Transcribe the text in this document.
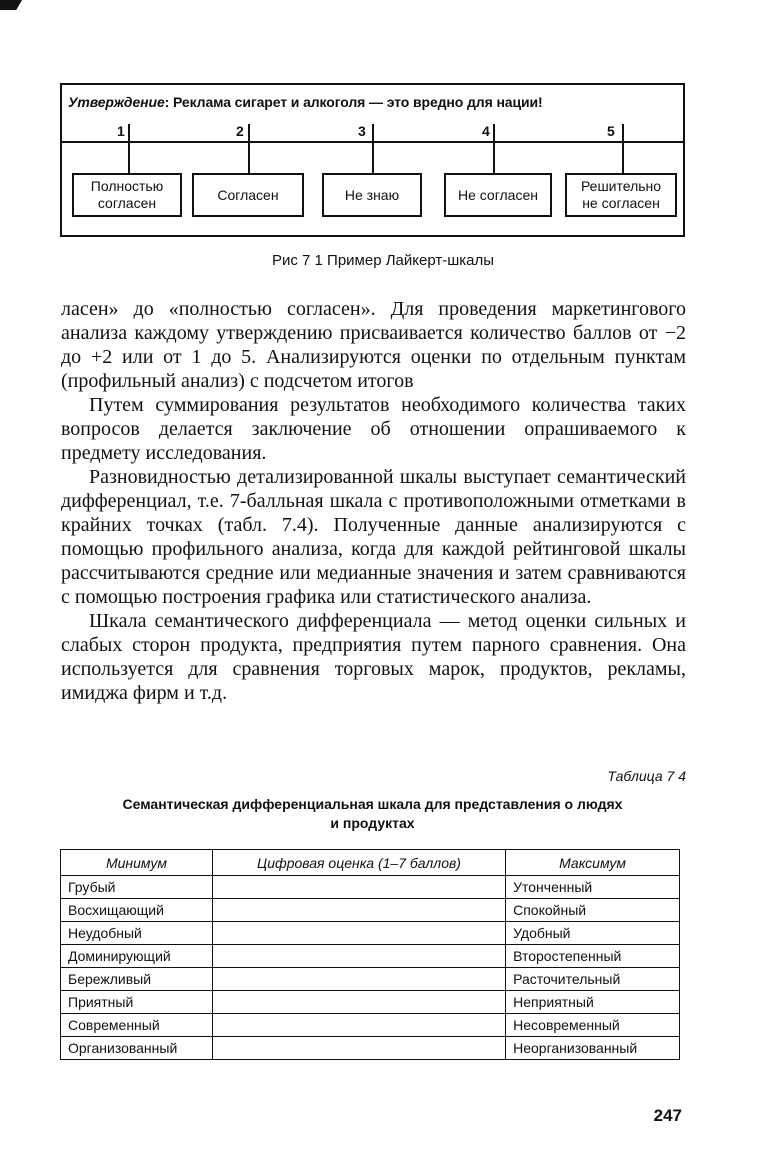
Утверждение: Реклама сигарет и алкоголя — это вредно для нации!
1	2	3	4	5
Полностью
согласен
Согласен	Не знаю	Не согласен
Решительно
не согласен
Рис 7 1 Пример Лайкерт-шкалы

ласен» до «полностью согласен». Для проведения маркетингового анализа каждому утверждению присваивается количество баллов от −2 до +2 или от 1 до 5. Анализируются оценки по отдельным пунктам (профильный анализ) с подсчетом итогов

Путем суммирования результатов необходимого количества таких вопросов делается заключение об отношении опрашиваемого к предмету исследования.

Разновидностью детализированной шкалы выступает семантический дифференциал, т.е. 7-балльная шкала с противоположными отметками в крайних точках (табл. 7.4). Полученные данные анализируются с помощью профильного анализа, когда для каждой рейтинговой шкалы рассчитываются средние или медианные значения и затем сравниваются с помощью построения графика или статистического анализа.

Шкала семантического дифференциала — метод оценки сильных и слабых сторон продукта, предприятия путем парного сравнения. Она используется для сравнения торговых марок, продуктов, рекламы, имиджа фирм и т.д.

Таблица 7 4
Семантическая дифференциальная шкала для представления о людях
и продуктах
Минимум	Цифровая оценка (1–7 баллов)	Максимум
Грубый		Утонченный
Восхищающий		Спокойный
Неудобный		Удобный
Доминирующий		Второстепенный
Бережливый		Расточительный
Приятный		Неприятный
Современный		Несовременный
Организованный		Неорганизованный
247
